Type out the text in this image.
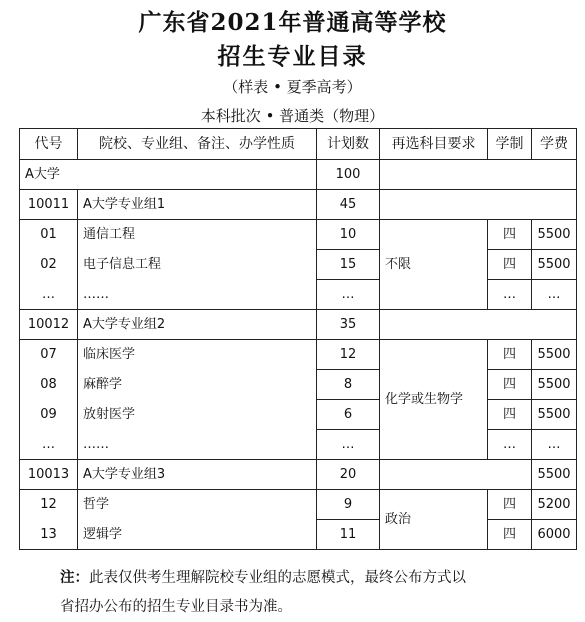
广东省2021年普通高等学校
招生专业目录
（样表 • 夏季高考）
本科批次 • 普通类（物理）
代号	院校、专业组、备注、办学性质	计划数	再选科目要求	学制	学费
A大学		100			
10011	A大学专业组1	45			
01	通信工程	10	不限	四	5500
02	电子信息工程	15		四	5500
…	……	…		…	…
10012	A大学专业组2	35			
07	临床医学	12	化学或生物学	四	5500
08	麻醉学	8		四	5500
09	放射医学	6		四	5500
…	……	…		…	…
10013	A大学专业组3	20			5500
12	哲学	9	政治	四	5200
13	逻辑学	11		四	6000
注：此表仅供考生理解院校专业组的志愿模式，最终公布方式以
省招办公布的招生专业目录书为准。
